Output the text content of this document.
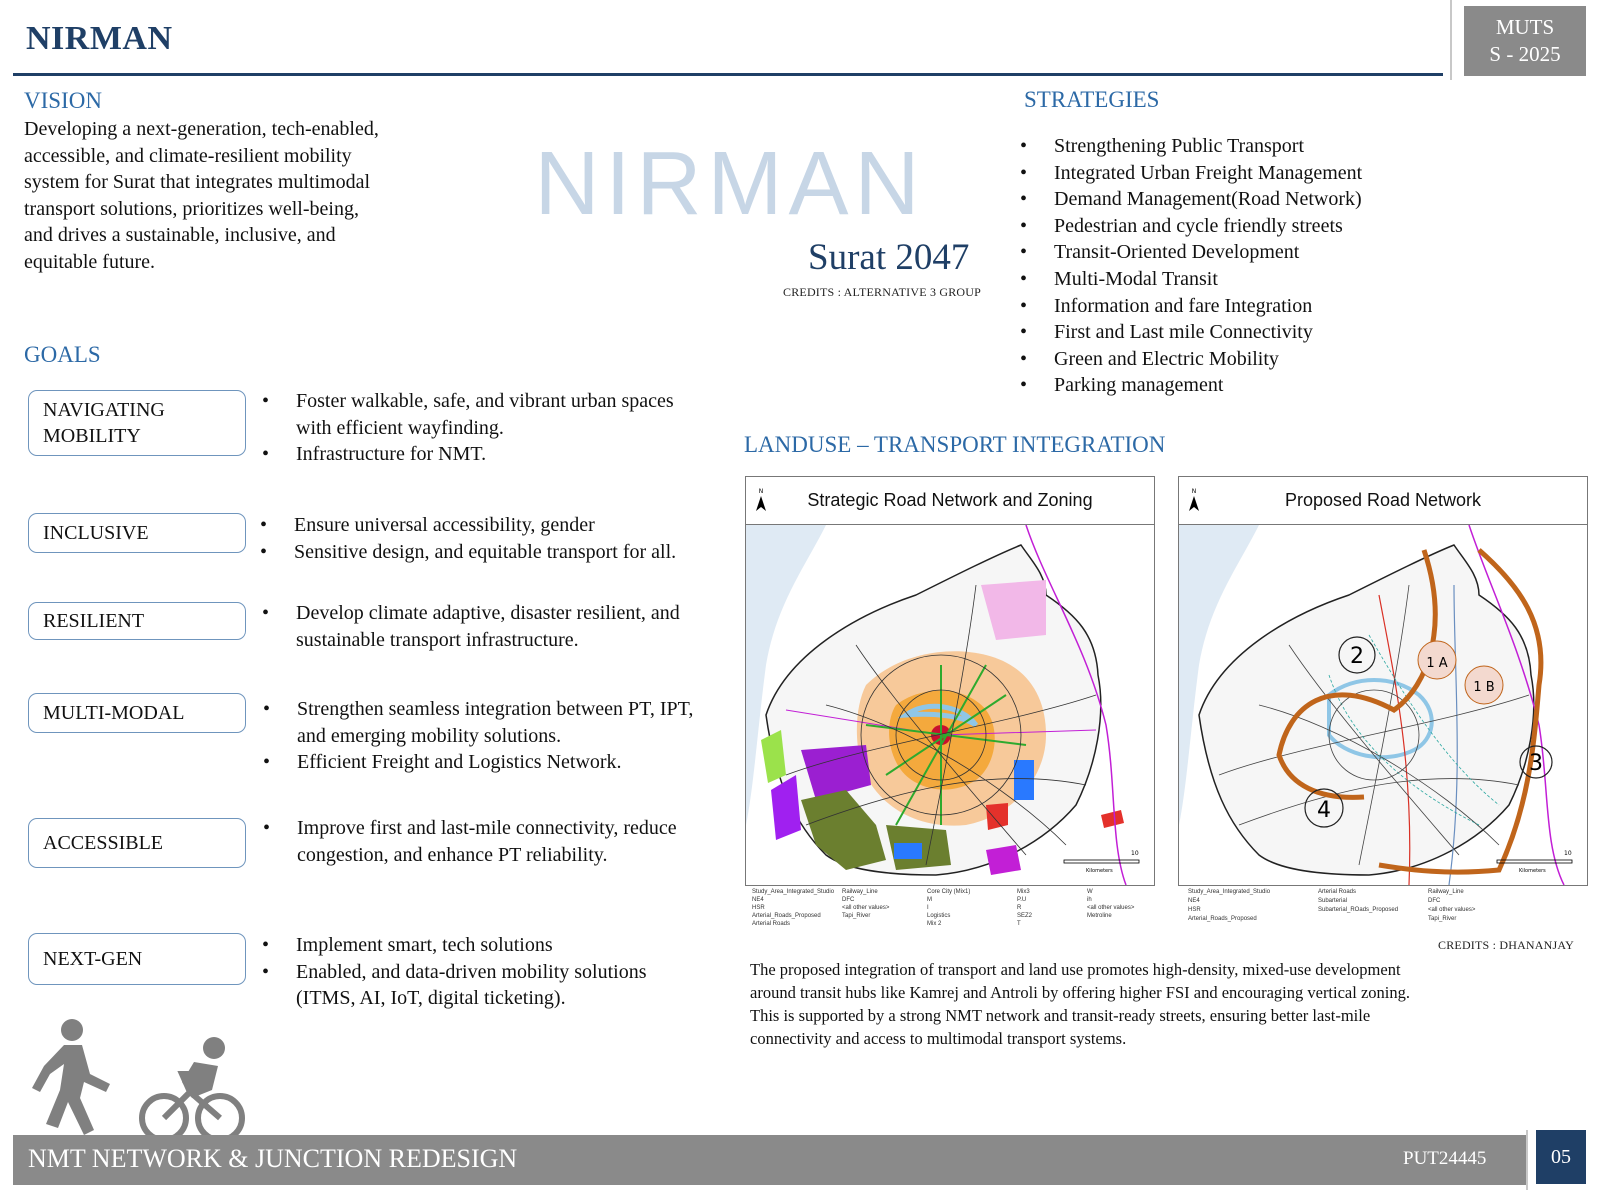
NIRMAN	MUTS
S - 2025
VISION
Developing a next-generation, tech-enabled,
accessible, and climate-resilient mobility
system for Surat that integrates multimodal
transport solutions, prioritizes well-being,
and drives a sustainable, inclusive, and
equitable future.
NIRMAN
Surat 2047
CREDITS : ALTERNATIVE 3 GROUP
STRATEGIES
• Strengthening Public Transport
• Integrated Urban Freight Management
• Demand Management(Road Network)
• Pedestrian and cycle friendly streets
• Transit-Oriented Development
• Multi-Modal Transit
• Information and fare Integration
• First and Last mile Connectivity
• Green and Electric Mobility
• Parking management
GOALS
NAVIGATING
MOBILITY
• Foster walkable, safe, and vibrant urban spaces with efficient wayfinding.
• Infrastructure for NMT.
INCLUSIVE	• Ensure universal accessibility, gender
• Sensitive design, and equitable transport for all.
RESILIENT	• Develop climate adaptive, disaster resilient, and sustainable transport infrastructure.
MULTI-MODAL	• Strengthen seamless integration between PT, IPT, and emerging mobility solutions.
• Efficient Freight and Logistics Network.
ACCESSIBLE
• Improve first and last-mile connectivity, reduce congestion, and enhance PT reliability.
NEXT-GEN
• Implement smart, tech solutions
• Enabled, and data-driven mobility solutions (ITMS, AI, IoT, digital ticketing).
LANDUSE – TRANSPORT INTEGRATION
Strategic Road Network and Zoning
N
10
Kilometers
Study_Area_Integrated_Studio
NE4
HSR
Arterial_Roads_Proposed
Arterial Roads
Railway_Line
DFC
<all other values>
Tapi_River
Core City (Mix1)
M
I
Logistics
Mix 2
Mix3
P.U
R
SEZ2
T
W
ih
<all other values>
Metroline
Proposed Road Network
N
2	1 A
1 B
3
4
10
Kilometers
Study_Area_Integrated_Studio
NE4
HSR
Arterial_Roads_Proposed
Arterial Roads
Subarterial
Subarterial_ROads_Proposed
Railway_Line
DFC
<all other values>
Tapi_River
CREDITS : DHANANJAY
The proposed integration of transport and land use promotes high-density, mixed-use development
around transit hubs like Kamrej and Antroli by offering higher FSI and encouraging vertical zoning.
This is supported by a strong NMT network and transit-ready streets, ensuring better last-mile
connectivity and access to multimodal transport systems.
NMT NETWORK & JUNCTION REDESIGN	PUT24445	05
